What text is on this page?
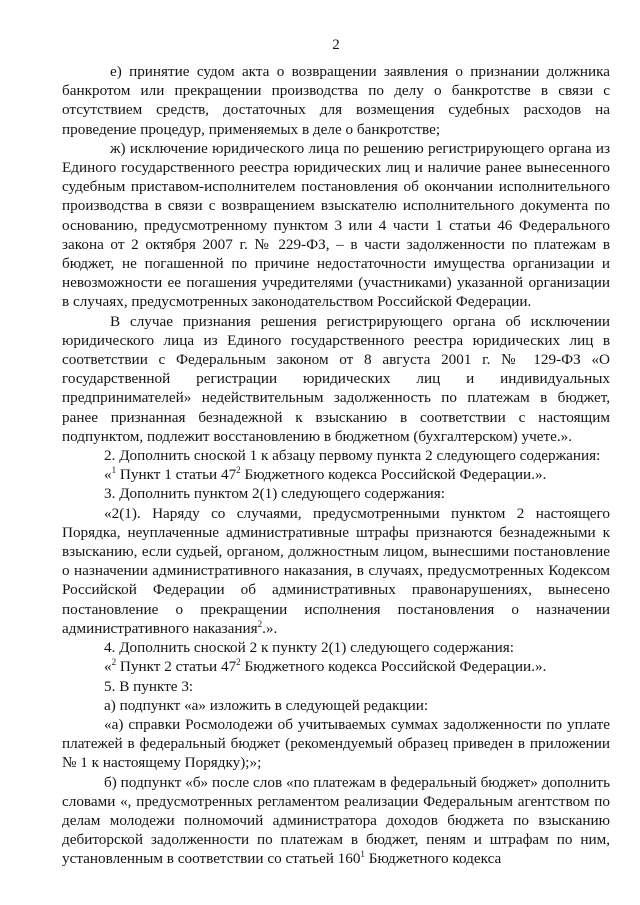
2

е) принятие судом акта о возвращении заявления о признании должника банкротом или прекращении производства по делу о банкротстве в связи с отсутствием средств, достаточных для возмещения судебных расходов на проведение процедур, применяемых в деле о банкротстве;

ж) исключение юридического лица по решению регистрирующего органа из Единого государственного реестра юридических лиц и наличие ранее вынесенного судебным приставом-исполнителем постановления об окончании исполнительного производства в связи с возвращением взыскателю исполнительного документа по основанию, предусмотренному пунктом 3 или 4 части 1 статьи 46 Федерального закона от 2 октября 2007 г. № 229-ФЗ, – в части задолженности по платежам в бюджет, не погашенной по причине недостаточности имущества организации и невозможности ее погашения учредителями (участниками) указанной организации в случаях, предусмотренных законодательством Российской Федерации.

В случае признания решения регистрирующего органа об исключении юридического лица из Единого государственного реестра юридических лиц в соответствии с Федеральным законом от 8 августа 2001 г. № 129-ФЗ «О государственной регистрации юридических лиц и индивидуальных предпринимателей» недействительным задолженность по платежам в бюджет, ранее признанная безнадежной к взысканию в соответствии с настоящим подпунктом, подлежит восстановлению в бюджетном (бухгалтерском) учете.».

2. Дополнить сноской 1 к абзацу первому пункта 2 следующего содержания:

«$^1$ Пункт 1 статьи $47^2$ Бюджетного кодекса Российской Федерации.».

3. Дополнить пунктом 2(1) следующего содержания:

«2(1). Наряду со случаями, предусмотренными пунктом 2 настоящего Порядка, неуплаченные административные штрафы признаются безнадежными к взысканию, если судьей, органом, должностным лицом, вынесшими постановление о назначении административного наказания, в случаях, предусмотренных Кодексом Российской Федерации об административных правонарушениях, вынесено постановление о прекращении исполнения постановления о назначении административного наказания$^2$.».

4. Дополнить сноской 2 к пункту 2(1) следующего содержания:

«$^2$ Пункт 2 статьи $47^2$ Бюджетного кодекса Российской Федерации.».

5. В пункте 3:

а) подпункт «а» изложить в следующей редакции:

«а) справки Росмолодежи об учитываемых суммах задолженности по уплате платежей в федеральный бюджет (рекомендуемый образец приведен в приложении № 1 к настоящему Порядку);»;

б) подпункт «б» после слов «по платежам в федеральный бюджет» дополнить словами «, предусмотренных регламентом реализации Федеральным агентством по делам молодежи полномочий администратора доходов бюджета по взысканию дебиторской задолженности по платежам в бюджет, пеням и штрафам по ним, установленным в соответствии со статьей $160^1$ Бюджетного кодекса
